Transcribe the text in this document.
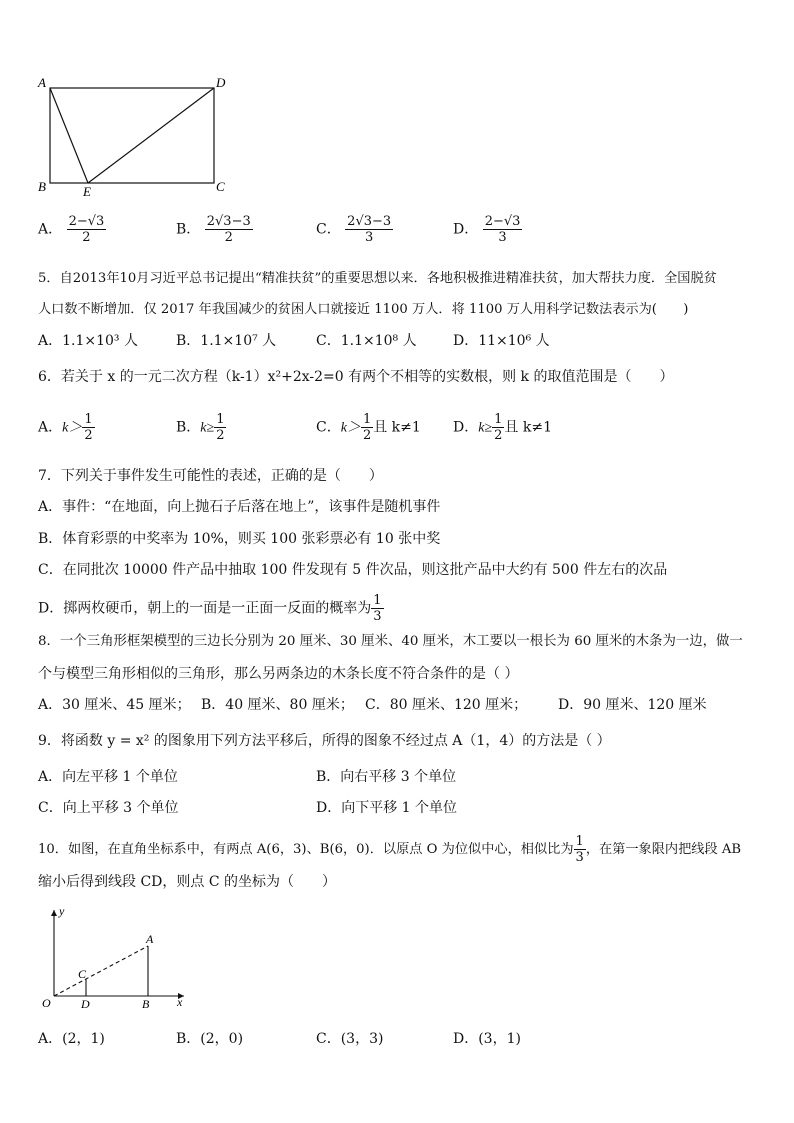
A	D
B	E	C
A． $\frac{2-√3}{2}$	B． $\frac{2√3-3}{2}$	C． $\frac{2√3-3}{3}$	D． $\frac{2-√3}{3}$
5．自2013年10月习近平总书记提出“精准扶贫”的重要思想以来．各地积极推进精准扶贫，加大帮扶力度．全国脱贫
人口数不断增加．仅 2017 年我国减少的贫困人口就接近 1100 万人．将 1100 万人用科学记数法表示为(　　)
A．1.1×10³ 人	B．1.1×10⁷ 人	C．1.1×10⁸ 人	D．11×10⁶ 人
6．若关于 x 的一元二次方程（k-1）x²+2x-2=0 有两个不相等的实数根，则 k 的取值范围是（　　）
A．$k> \frac{1}{2}$	B．$k\ge \frac{1}{2}$	C．$k> \frac{1}{2}$ 且 k≠1 D．$k\ge \frac{1}{2}$ 且 k≠1
7．下列关于事件发生可能性的表述，正确的是（　　）
A．事件：“在地面，向上抛石子后落在地上”，该事件是随机事件
B．体育彩票的中奖率为 10%，则买 100 张彩票必有 10 张中奖
C．在同批次 10000 件产品中抽取 100 件发现有 5 件次品，则这批产品中大约有 500 件左右的次品
D．掷两枚硬币，朝上的一面是一正面一反面的概率为 $\frac{1}{3}$
8．一个三角形框架模型的三边长分别为 20 厘米、30 厘米、40 厘米，木工要以一根长为 60 厘米的木条为一边，做一
个与模型三角形相似的三角形，那么另两条边的木条长度不符合条件的是（ ）
A．30 厘米、45 厘米； B．40 厘米、80 厘米； C．80 厘米、120 厘米； D．90 厘米、120 厘米
9．将函数 y = x² 的图象用下列方法平移后，所得的图象不经过点 A（1，4）的方法是（ ）
A．向左平移 1 个单位	B．向右平移 3 个单位
C．向上平移 3 个单位	D．向下平移 1 个单位
10．如图，在直角坐标系中，有两点 A(6，3)、B(6，0)．以原点 O 为位似中心，相似比为 $\frac{1}{3}$ ，在第一象限内把线段 AB
缩小后得到线段 CD，则点 C 的坐标为（　　）
y
A
C
O	D	B x
A．(2，1)	B．(2，0)	C．(3，3)	D．(3，1)
